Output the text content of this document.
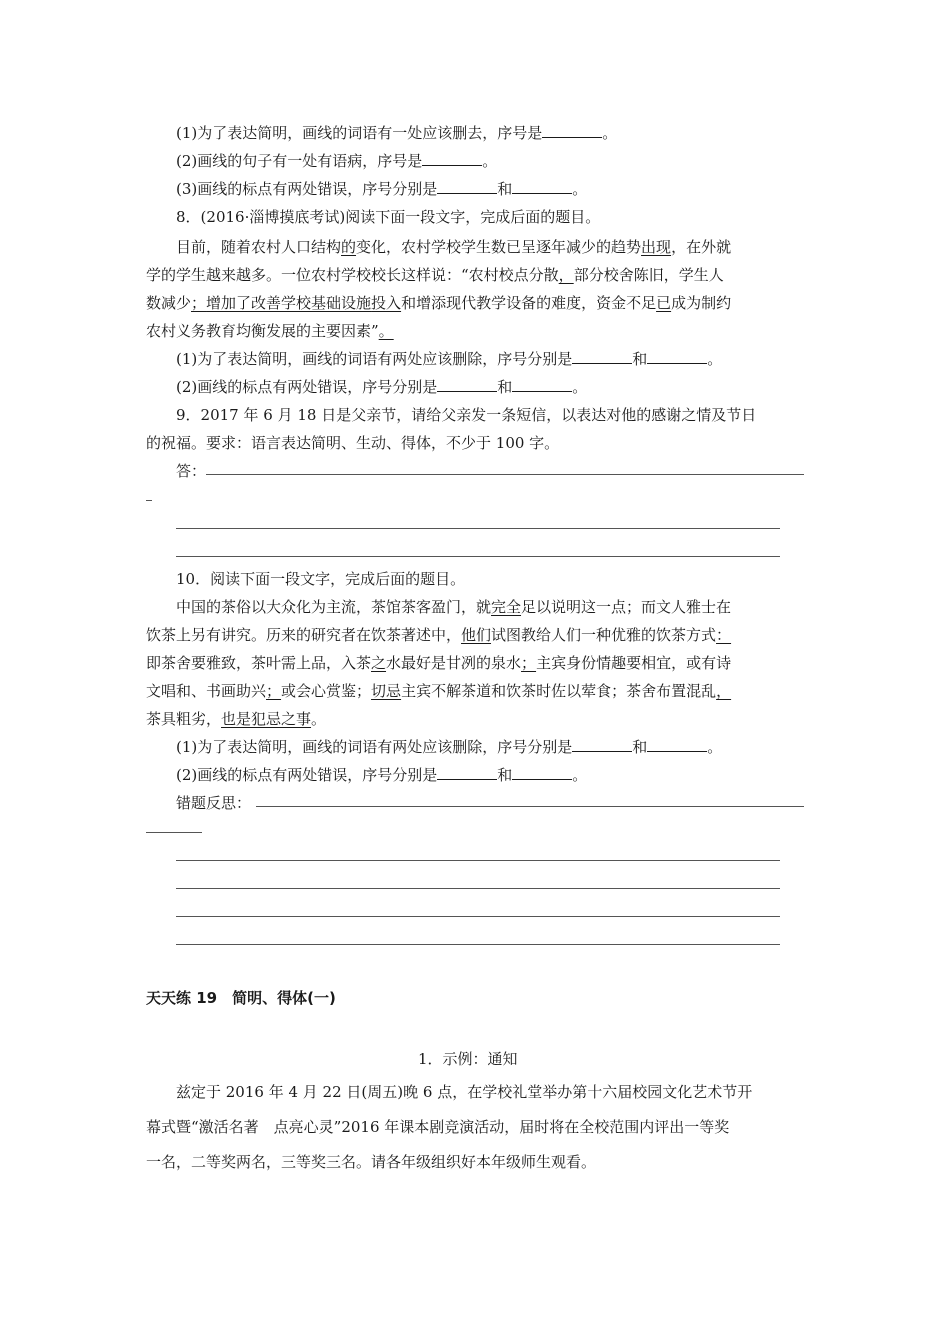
(1)为了表达简明，画线的词语有一处应该删去，序号是	。
(2)画线的句子有一处有语病，序号是	。
(3)画线的标点有两处错误，序号分别是	和	。
8．(2016·淄博摸底考试)阅读下面一段文字，完成后面的题目。
目前，随着农村人口结构的变化，农村学校学生数已呈逐年减少的趋势出现，在外就
学的学生越来越多。一位农村学校校长这样说：“农村校点分散，部分校舍陈旧，学生人
数减少；增加了改善学校基础设施投入和增添现代教学设备的难度，资金不足已成为制约
农村义务教育均衡发展的主要因素”。
(1)为了表达简明，画线的词语有两处应该删除，序号分别是	和	。
(2)画线的标点有两处错误，序号分别是	和	。
9．2017 年 6 月 18 日是父亲节，请给父亲发一条短信，以表达对他的感谢之情及节日
的祝福。要求：语言表达简明、生动、得体，不少于 100 字。
答：
10．阅读下面一段文字，完成后面的题目。
中国的茶俗以大众化为主流，茶馆茶客盈门，就完全足以说明这一点；而文人雅士在
饮茶上另有讲究。历来的研究者在饮茶著述中，他们试图教给人们一种优雅的饮茶方式：
即茶舍要雅致，茶叶需上品，入茶之水最好是甘冽的泉水；主宾身份情趣要相宜，或有诗
文唱和、书画助兴；或会心赏鉴；切忌主宾不解茶道和饮茶时佐以荤食；茶舍布置混乱，
茶具粗劣，也是犯忌之事。
(1)为了表达简明，画线的词语有两处应该删除，序号分别是	和	。
(2)画线的标点有两处错误，序号分别是	和	。
错题反思：
天天练 19　简明、得体(一)
1．示例：通知
兹定于 2016 年 4 月 22 日(周五)晚 6 点，在学校礼堂举办第十六届校园文化艺术节开
幕式暨“激活名著　点亮心灵”2016 年课本剧竞演活动，届时将在全校范围内评出一等奖
一名，二等奖两名，三等奖三名。请各年级组织好本年级师生观看。
